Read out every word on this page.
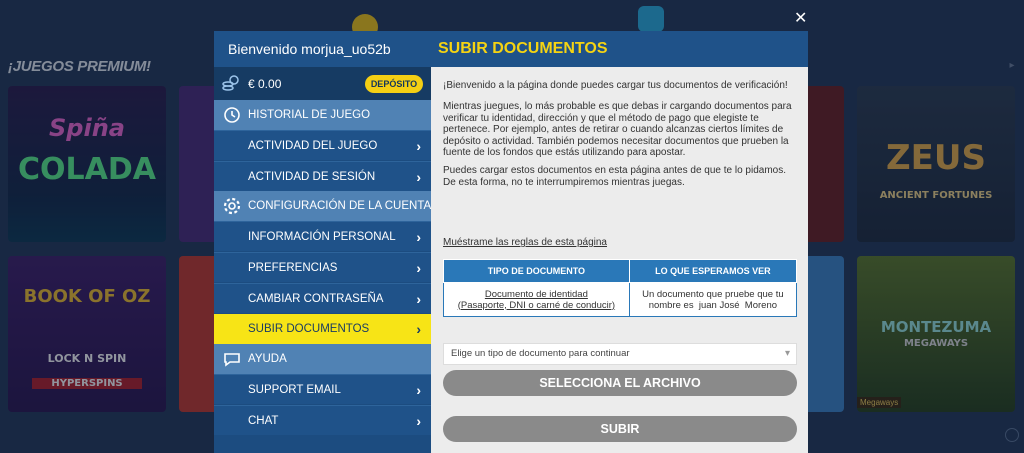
¡JUEGOS PREMIUM!
Spiña
COLADA
BOOK OF OZ
LOCK N SPIN
HYPERSPINS
ZEUS
ANCIENT FORTUNES
MONTEZUMA
MEGAWAYS
Megaways
▸
✕
Bienvenido morjua_uo52b	SUBIR DOCUMENTOS
€ 0.00	DEPÓSITO
HISTORIAL DE JUEGO
ACTIVIDAD DEL JUEGO	›
ACTIVIDAD DE SESIÓN	›
CONFIGURACIÓN DE LA CUENTA
INFORMACIÓN PERSONAL ›
PREFERENCIAS	›
CAMBIAR CONTRASEÑA ›
SUBIR DOCUMENTOS	›
AYUDA
SUPPORT EMAIL	›
CHAT	›
¡Bienvenido a la página donde puedes cargar tus documentos de verificación!
Mientras juegues, lo más probable es que debas ir cargando documentos para verificar tu identidad, dirección y que el método de pago que elegiste te pertenece. Por ejemplo, antes de retirar o cuando alcanzas ciertos límites de depósito o actividad. También podemos necesitar documentos que prueben la fuente de los fondos que estás utilizando para apostar.
Puedes cargar estos documentos en esta página antes de que te lo pidamos. De esta forma, no te interrumpiremos mientras juegas.
Muéstrame las reglas de esta página
TIPO DE DOCUMENTO	LO QUE ESPERAMOS VER
Documento de identidad
(Pasaporte, DNI o carné de conducir)	Un documento que pruebe que tu
nombre es  juan José  Moreno
Elige un tipo de documento para continuar	▾
SELECCIONA EL ARCHIVO
SUBIR
